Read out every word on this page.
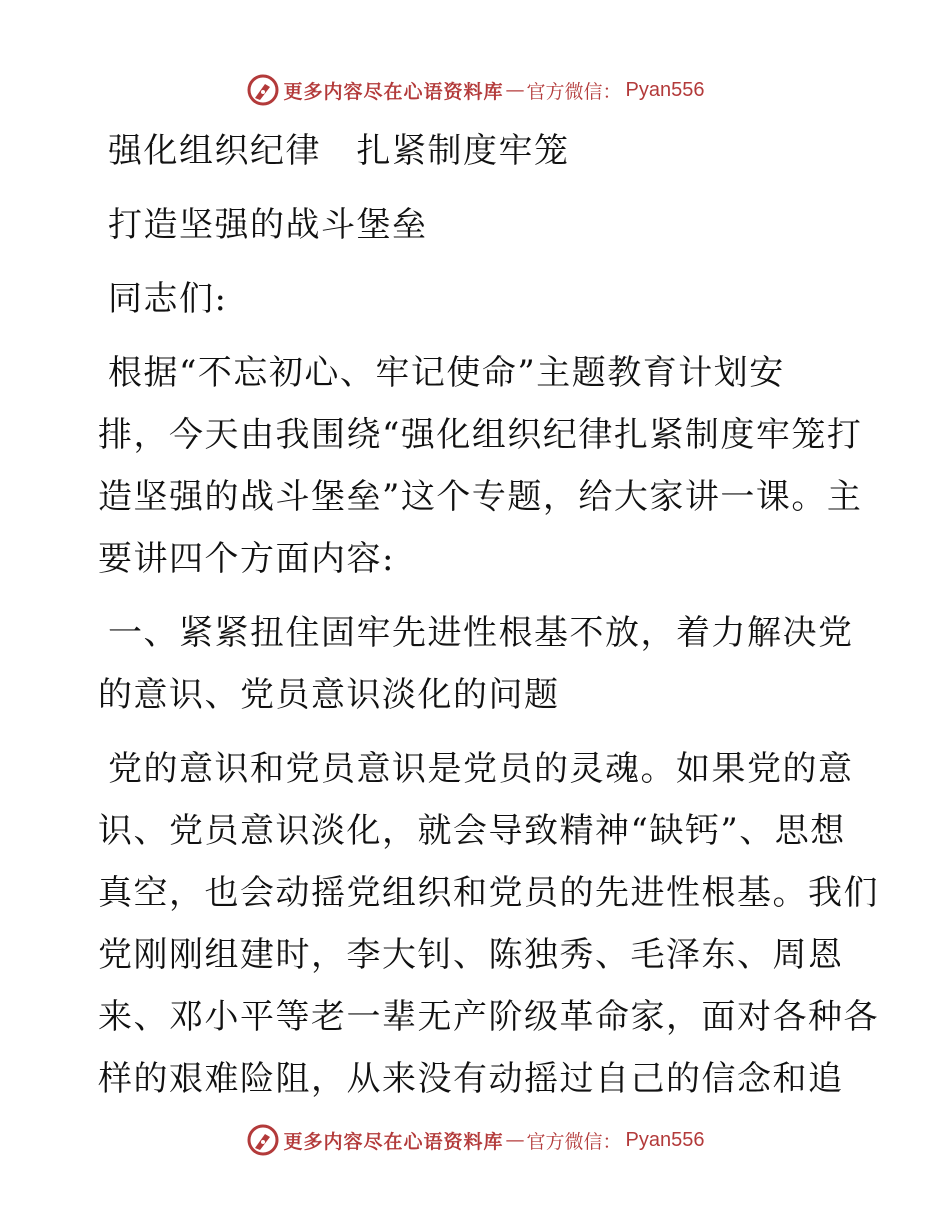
更多内容尽在心语资料库 — 官方微信： Pyan556
强化组织纪律　扎紧制度牢笼
打造坚强的战斗堡垒
同志们:
根据“不忘初心、牢记使命”主题教育计划安
排，今天由我围绕“强化组织纪律扎紧制度牢笼打
造坚强的战斗堡垒”这个专题，给大家讲一课。主
要讲四个方面内容:
一、紧紧扭住固牢先进性根基不放，着力解决党
的意识、党员意识淡化的问题
党的意识和党员意识是党员的灵魂。如果党的意
识、党员意识淡化，就会导致精神“缺钙”、思想
真空，也会动摇党组织和党员的先进性根基。我们
党刚刚组建时，李大钊、陈独秀、毛泽东、周恩
来、邓小平等老一辈无产阶级革命家，面对各种各
样的艰难险阻，从来没有动摇过自己的信念和追
更多内容尽在心语资料库 — 官方微信： Pyan556
